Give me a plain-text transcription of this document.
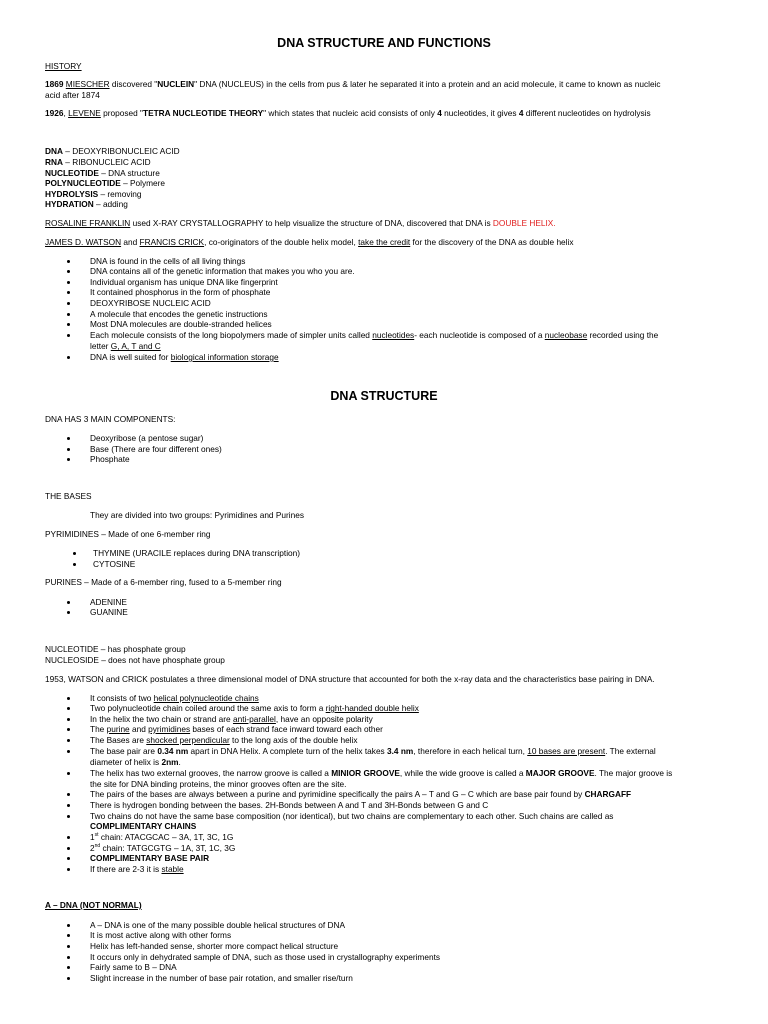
DNA STRUCTURE AND FUNCTIONS
HISTORY
1869 MIESCHER discovered "NUCLEIN" DNA (NUCLEUS) in the cells from pus & later he separated it into a protein and an acid molecule, it came to known as nucleic
acid after 1874
1926, LEVENE proposed "TETRA NUCLEOTIDE THEORY" which states that nucleic acid consists of only 4 nucleotides, it gives 4 different nucleotides on hydrolysis
DNA – DEOXYRIBONUCLEIC ACID
RNA – RIBONUCLEIC ACID
NUCLEOTIDE – DNA structure
POLYNUCLEOTIDE – Polymere
HYDROLYSIS – removing
HYDRATION – adding
ROSALINE FRANKLIN used X-RAY CRYSTALLOGRAPHY to help visualize the structure of DNA, discovered that DNA is DOUBLE HELIX.
JAMES D. WATSON and FRANCIS CRICK, co-originators of the double helix model, take the credit for the discovery of the DNA as double helix
DNA is found in the cells of all living things
DNA contains all of the genetic information that makes you who you are.
Individual organism has unique DNA like fingerprint
It contained phosphorus in the form of phosphate
DEOXYRIBOSE NUCLEIC ACID
A molecule that encodes the genetic instructions
Most DNA molecules are double-stranded helices
Each molecule consists of the long biopolymers made of simpler units called nucleotides- each nucleotide is composed of a nucleobase recorded using the
letter G, A, T and C
DNA is well suited for biological information storage
DNA STRUCTURE
DNA HAS 3 MAIN COMPONENTS:
Deoxyribose (a pentose sugar)
Base (There are four different ones)
Phosphate
THE BASES
They are divided into two groups: Pyrimidines and Purines
PYRIMIDINES – Made of one 6-member ring
THYMINE (URACILE replaces during DNA transcription)
CYTOSINE
PURINES – Made of a 6-member ring, fused to a 5-member ring
ADENINE
GUANINE
NUCLEOTIDE – has phosphate group
NUCLEOSIDE – does not have phosphate group
1953, WATSON and CRICK postulates a three dimensional model of DNA structure that accounted for both the x-ray data and the characteristics base pairing in DNA.
It consists of two helical polynucleotide chains
Two polynucleotide chain coiled around the same axis to form a right-handed double helix
In the helix the two chain or strand are anti-parallel, have an opposite polarity
The purine and pyrimidines bases of each strand face inward toward each other
The Bases are shocked perpendicular to the long axis of the double helix
The base pair are 0.34 nm apart in DNA Helix. A complete turn of the helix takes 3.4 nm, therefore in each helical turn, 10 bases are present. The external
diameter of helix is 2nm.
The helix has two external grooves, the narrow groove is called a MINIOR GROOVE, while the wide groove is called a MAJOR GROOVE. The major groove is
the site for DNA binding proteins, the minor grooves often are the site.
The pairs of the bases are always between a purine and pyrimidine specifically the pairs A – T and G – C which are base pair found by CHARGAFF
There is hydrogen bonding between the bases. 2H-Bonds between A and T and 3H-Bonds between G and C
Two chains do not have the same base composition (nor identical), but two chains are complementary to each other. Such chains are called as
COMPLIMENTARY CHAINS
1st chain: ATACGCAC – 3A, 1T, 3C, 1G
2nd chain: TATGCGTG – 1A, 3T, 1C, 3G
COMPLIMENTARY BASE PAIR
If there are 2-3 it is stable
A – DNA (NOT NORMAL)
A – DNA is one of the many possible double helical structures of DNA
It is most active along with other forms
Helix has left-handed sense, shorter more compact helical structure
It occurs only in dehydrated sample of DNA, such as those used in crystallography experiments
Fairly same to B – DNA
Slight increase in the number of base pair rotation, and smaller rise/turn
